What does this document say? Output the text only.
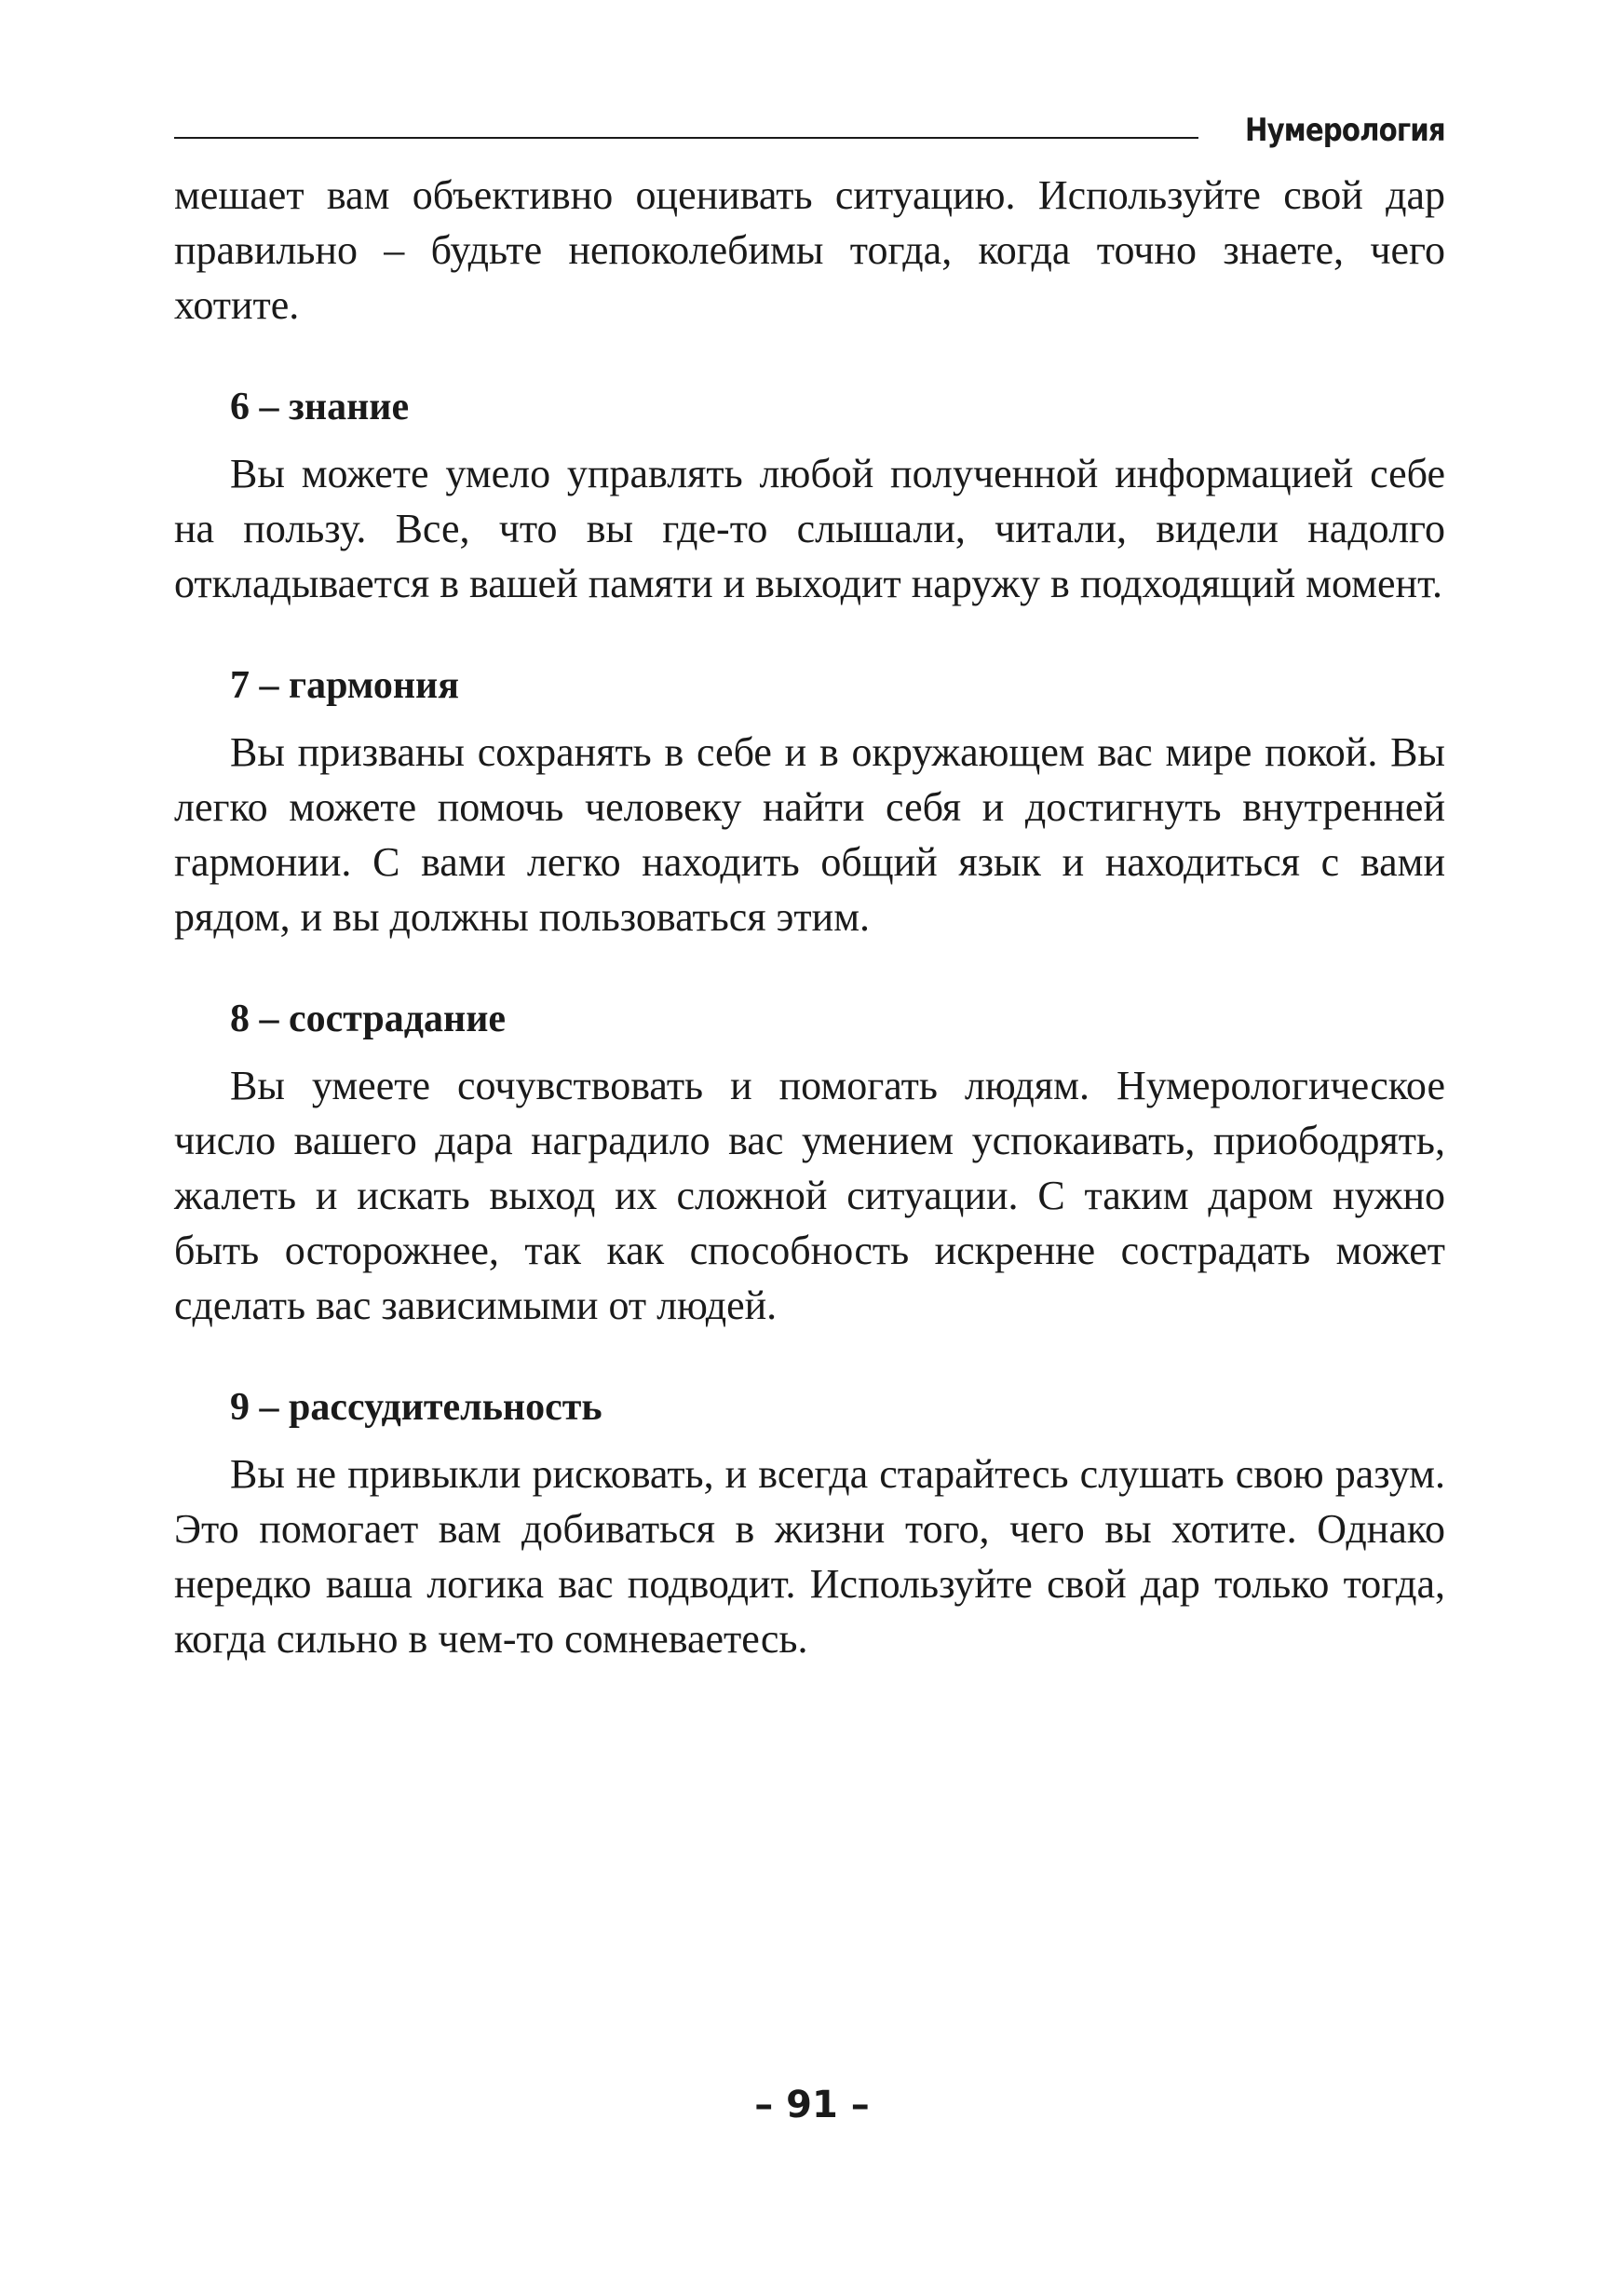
Нумерология

мешает вам объективно оценивать ситуацию. Используйте свой дар правильно – будьте непоколебимы тогда, когда точно знаете, чего хотите.

6 – знание

Вы можете умело управлять любой полученной информацией себе на пользу. Все, что вы где-то слышали, читали, видели надолго откладывается в вашей памяти и выходит наружу в подходящий момент.

7 – гармония

Вы призваны сохранять в себе и в окружающем вас мире покой. Вы легко можете помочь человеку найти себя и достигнуть внутренней гармонии. С вами легко находить общий язык и находиться с вами рядом, и вы должны пользоваться этим.

8 – сострадание

Вы умеете сочувствовать и помогать людям. Нумерологическое число вашего дара наградило вас умением успокаивать, приободрять, жалеть и искать выход их сложной ситуации. С таким даром нужно быть осторожнее, так как способность искренне сострадать может сделать вас зависимыми от людей.

9 – рассудительность

Вы не привыкли рисковать, и всегда старайтесь слушать свою разум. Это помогает вам добиваться в жизни того, чего вы хотите. Однако нередко ваша логика вас подводит. Используйте свой дар только тогда, когда сильно в чем-то сомневаетесь.

– 91 –
